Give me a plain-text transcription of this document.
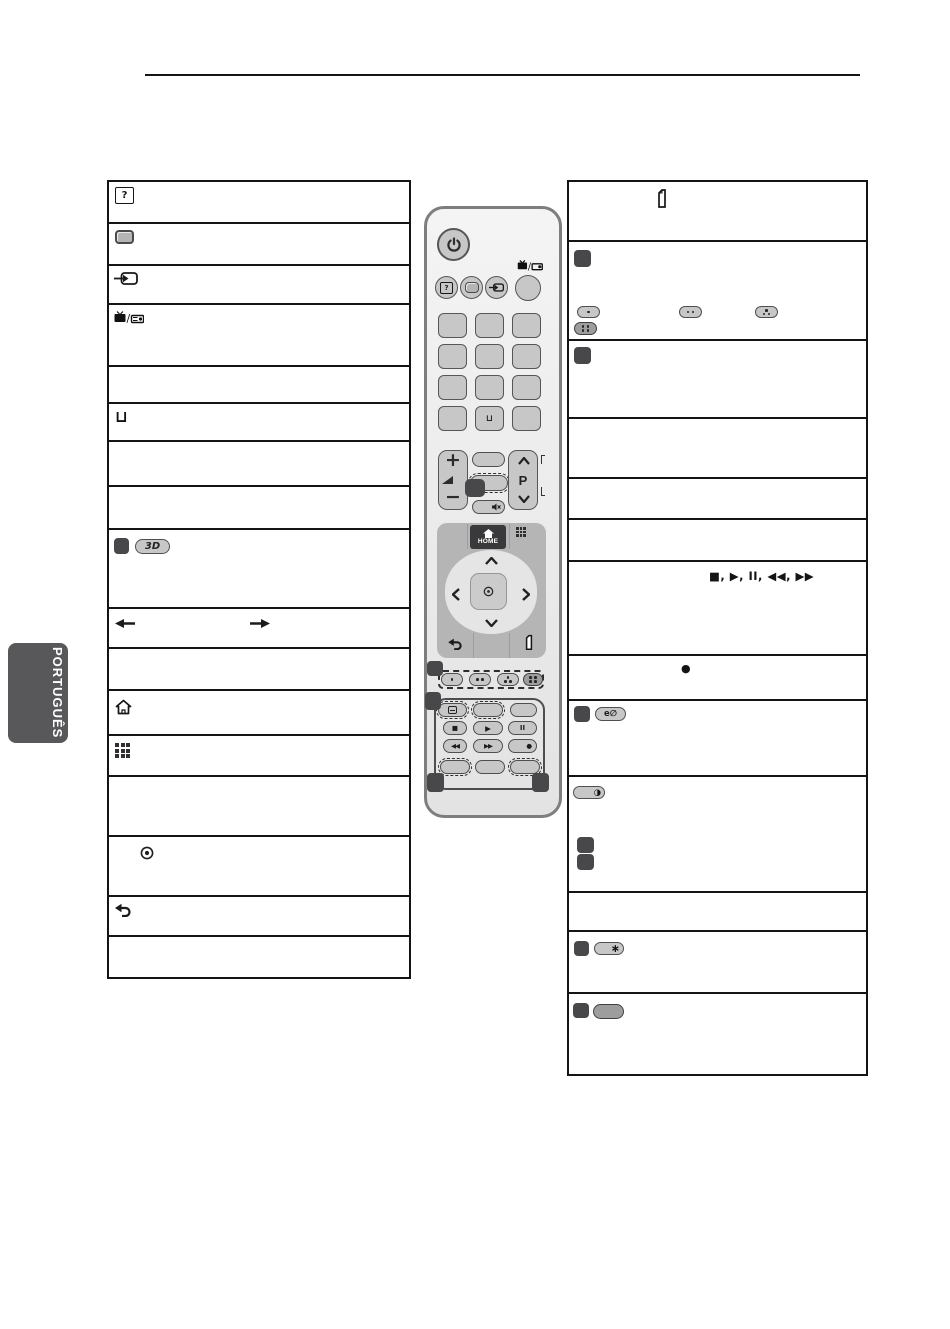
PORTUGUÊS
?
/
⊔
3D
■, ▶, II, ◀◀, ▶▶
●
e∅
◑
∗
/
?
⊔
+
−
P
HOME
■	▶	II
◀◀	▶▶	●
